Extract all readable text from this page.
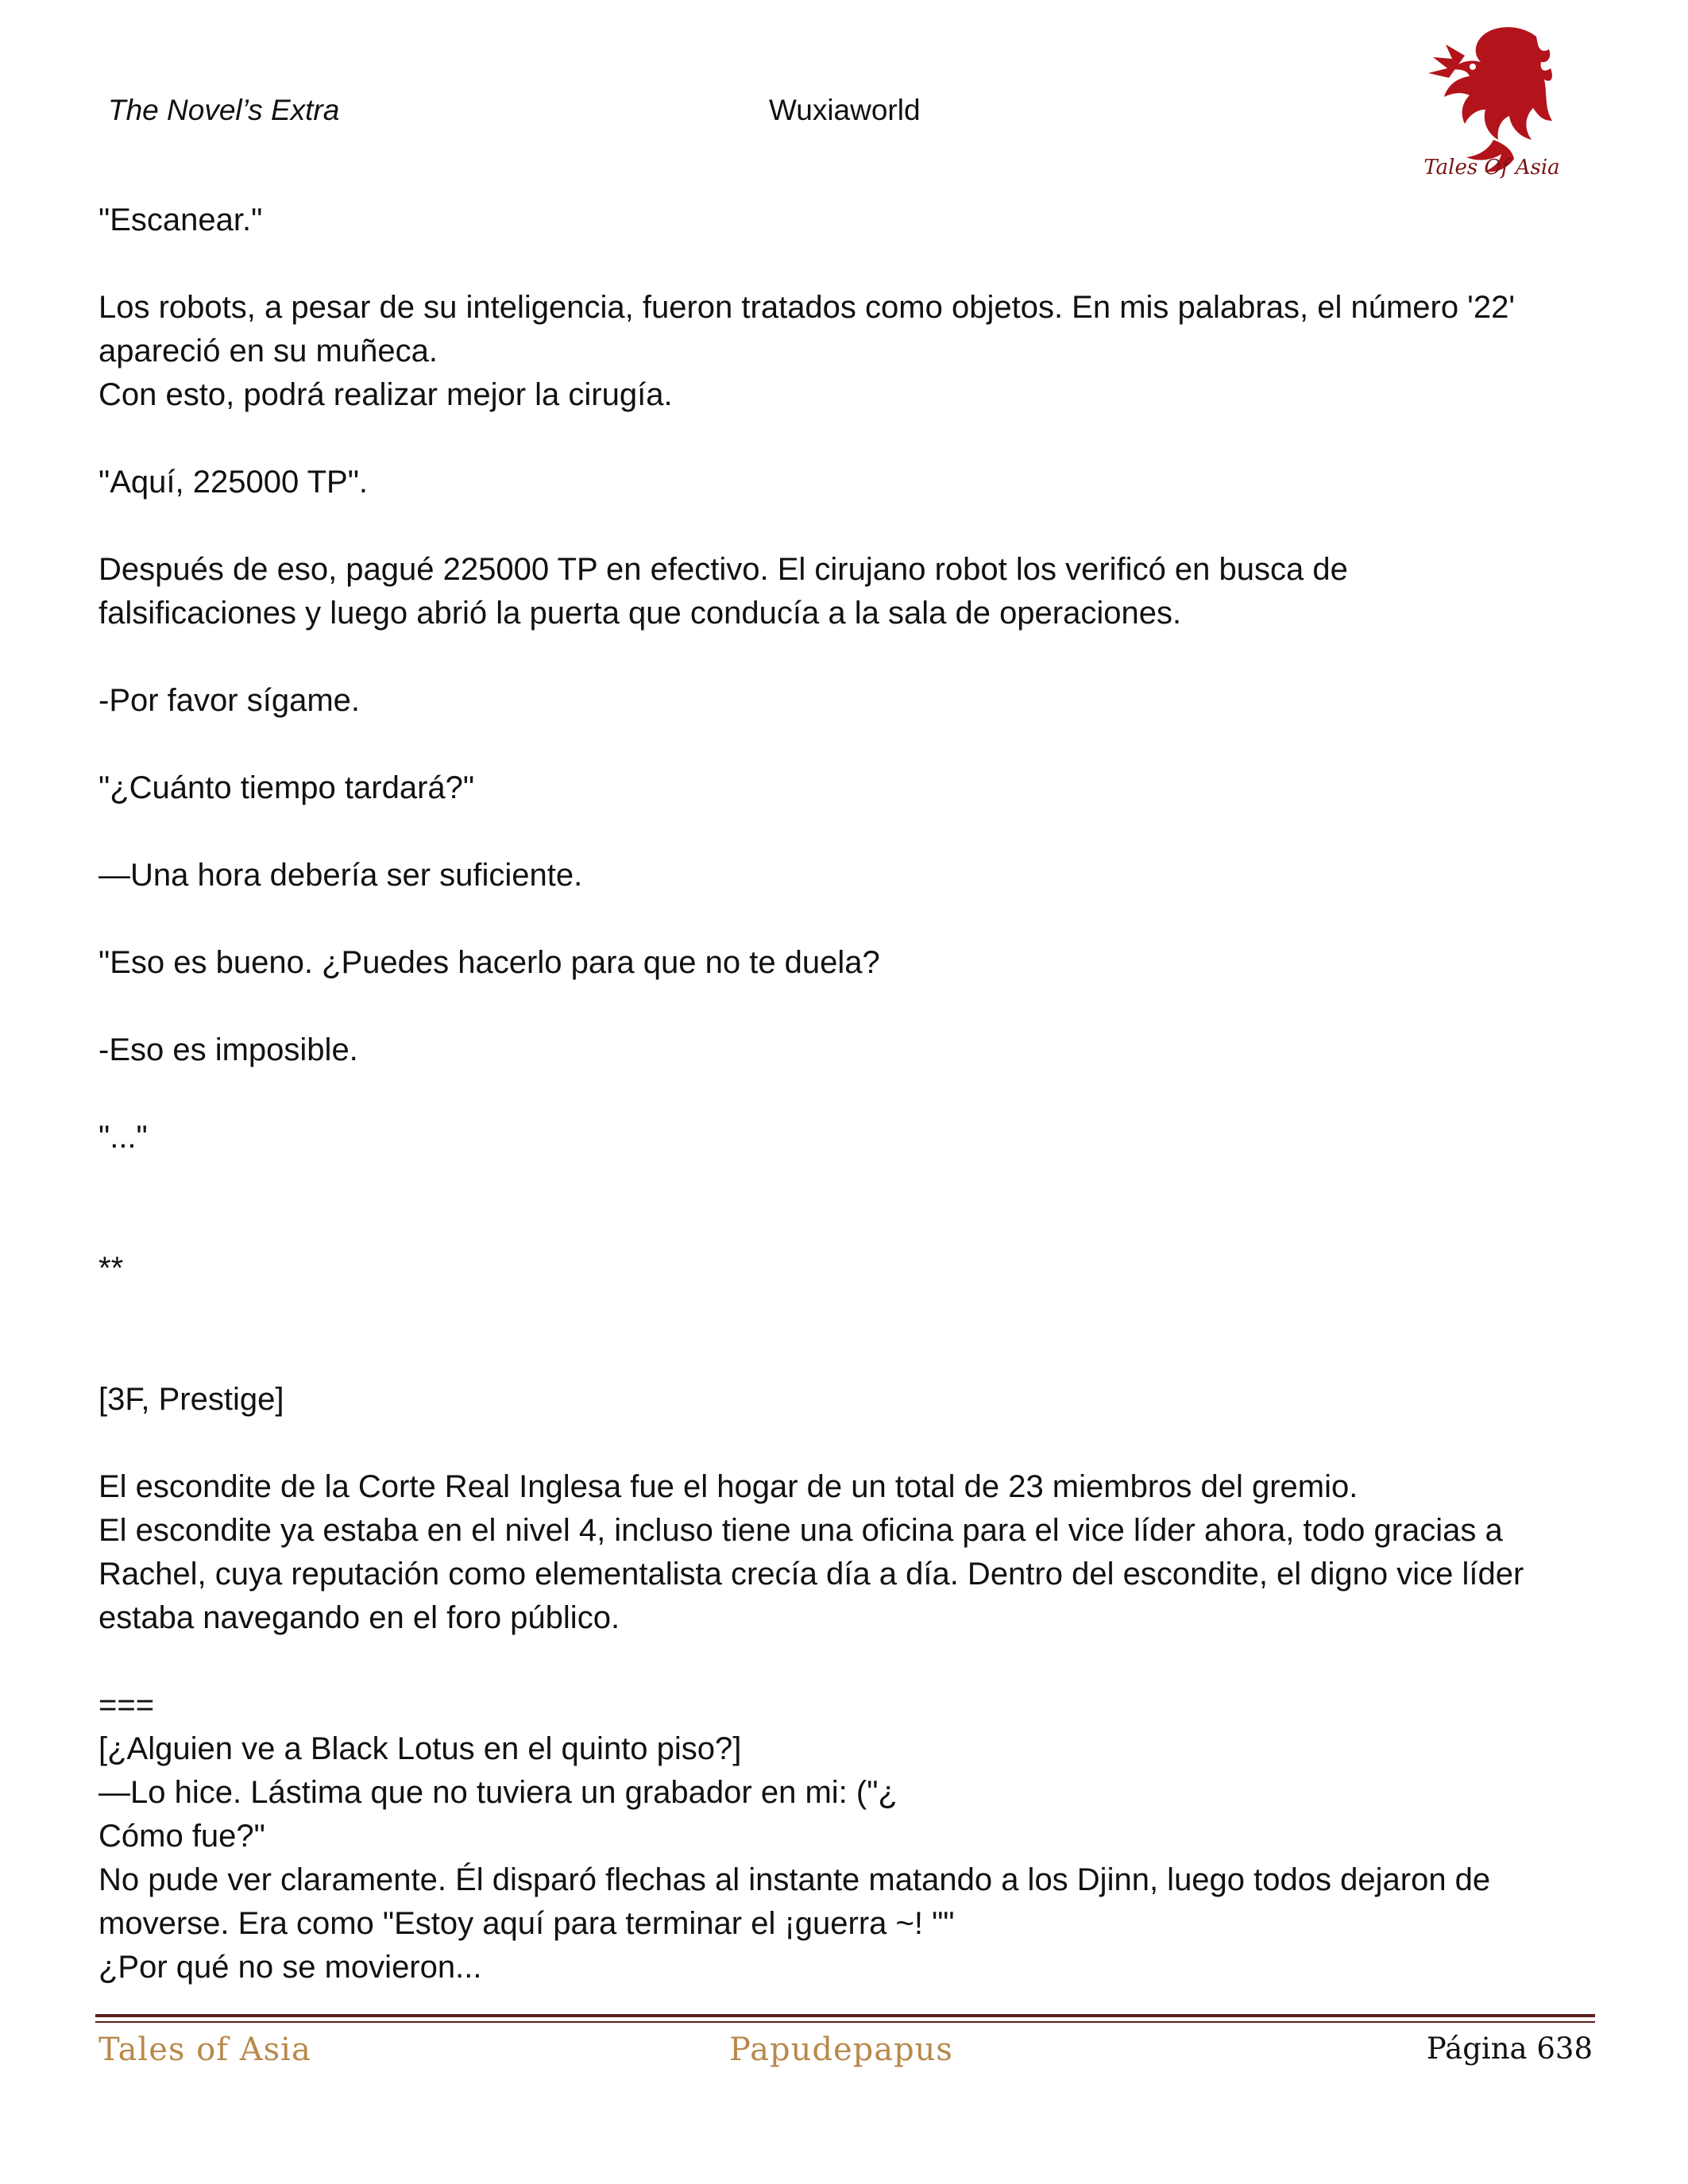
The Novel’s Extra	Wuxiaworld
Tales Of Asia
"Escanear."
Los robots, a pesar de su inteligencia, fueron tratados como objetos. En mis palabras, el número '22'
apareció en su muñeca.
Con esto, podrá realizar mejor la cirugía.
"Aquí, 225000 TP".
Después de eso, pagué 225000 TP en efectivo. El cirujano robot los verificó en busca de
falsificaciones y luego abrió la puerta que conducía a la sala de operaciones.
-Por favor sígame.
"¿Cuánto tiempo tardará?"
—Una hora debería ser suficiente.
"Eso es bueno. ¿Puedes hacerlo para que no te duela?
-Eso es imposible.
"..."
**
[3F, Prestige]
El escondite de la Corte Real Inglesa fue el hogar de un total de 23 miembros del gremio.
El escondite ya estaba en el nivel 4, incluso tiene una oficina para el vice líder ahora, todo gracias a
Rachel, cuya reputación como elementalista crecía día a día. Dentro del escondite, el digno vice líder
estaba navegando en el foro público.
===
[¿Alguien ve a Black Lotus en el quinto piso?]
—Lo hice. Lástima que no tuviera un grabador en mi: ("¿
Cómo fue?"
No pude ver claramente. Él disparó flechas al instante matando a los Djinn, luego todos dejaron de
moverse. Era como "Estoy aquí para terminar el ¡guerra ~! ""
¿Por qué no se movieron...
Tales of Asia	Papudepapus	Página 638
